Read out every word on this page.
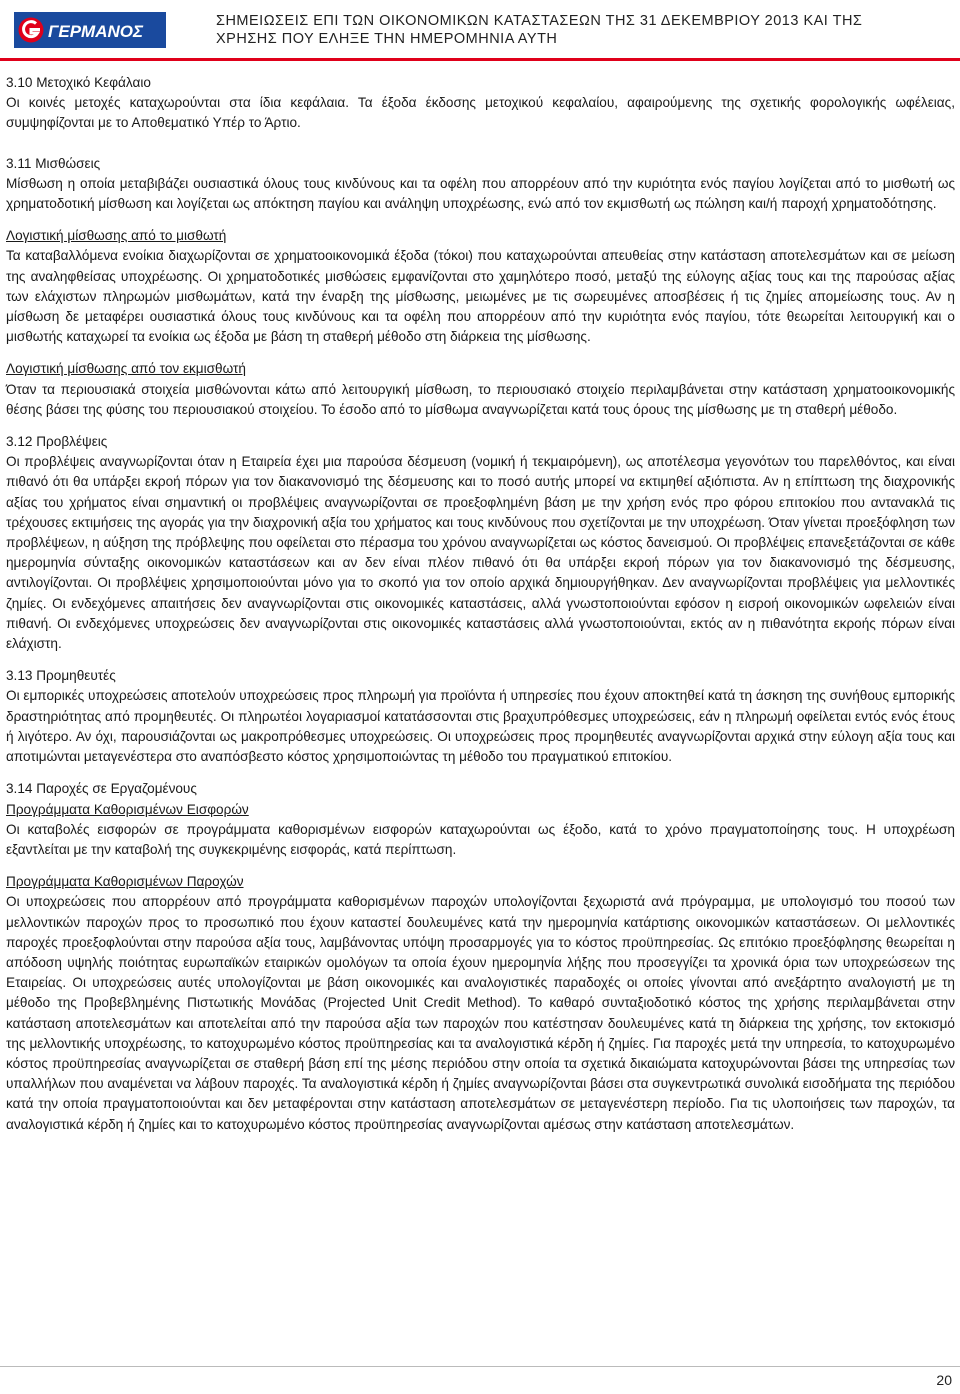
ΓΕΡΜΑΝΟΣ
ΣΗΜΕΙΩΣΕΙΣ ΕΠΙ ΤΩΝ ΟΙΚΟΝΟΜΙΚΩΝ ΚΑΤΑΣΤΑΣΕΩΝ ΤΗΣ 31 ΔΕΚΕΜΒΡΙΟΥ 2013 ΚΑΙ ΤΗΣ
ΧΡΗΣΗΣ ΠΟΥ ΕΛΗΞΕ ΤΗΝ ΗΜΕΡΟΜΗΝΙΑ ΑΥΤΗ
3.10 Μετοχικό Κεφάλαιο

Οι κοινές μετοχές καταχωρούνται στα ίδια κεφάλαια. Τα έξοδα έκδοσης μετοχικού κεφαλαίου, αφαιρούμενης της σχετικής φορολογικής ωφέλειας, συμψηφίζονται με το Αποθεματικό Υπέρ το Άρτιο.

3.11 Μισθώσεις

Μίσθωση η οποία μεταβιβάζει ουσιαστικά όλους τους κινδύνους και τα οφέλη που απορρέουν από την κυριότητα ενός παγίου λογίζεται από το μισθωτή ως χρηματοδοτική μίσθωση και λογίζεται ως απόκτηση παγίου και ανάληψη υποχρέωσης, ενώ από τον εκμισθωτή ως πώληση και/ή παροχή χρηματοδότησης.

Λογιστική μίσθωσης από το μισθωτή

Τα καταβαλλόμενα ενοίκια διαχωρίζονται σε χρηματοοικονομικά έξοδα (τόκοι) που καταχωρούνται απευθείας στην κατάσταση αποτελεσμάτων και σε μείωση της αναληφθείσας υποχρέωσης. Οι χρηματοδοτικές μισθώσεις εμφανίζονται στο χαμηλότερο ποσό, μεταξύ της εύλογης αξίας τους και της παρούσας αξίας των ελάχιστων πληρωμών μισθωμάτων, κατά την έναρξη της μίσθωσης, μειωμένες με τις σωρευμένες αποσβέσεις ή τις ζημίες απομείωσης τους. Αν η μίσθωση δε μεταφέρει ουσιαστικά όλους τους κινδύνους και τα οφέλη που απορρέουν από την κυριότητα ενός παγίου, τότε θεωρείται λειτουργική και ο μισθωτής καταχωρεί τα ενοίκια ως έξοδα με βάση τη σταθερή μέθοδο στη διάρκεια της μίσθωσης.

Λογιστική μίσθωσης από τον εκμισθωτή

Όταν τα περιουσιακά στοιχεία μισθώνονται κάτω από λειτουργική μίσθωση, το περιουσιακό στοιχείο περιλαμβάνεται στην κατάσταση χρηματοοικονομικής θέσης βάσει της φύσης του περιουσιακού στοιχείου. Το έσοδο από το μίσθωμα αναγνωρίζεται κατά τους όρους της μίσθωσης με τη σταθερή μέθοδο.

3.12 Προβλέψεις

Οι προβλέψεις αναγνωρίζονται όταν η Εταιρεία έχει μια παρούσα δέσμευση (νομική ή τεκμαιρόμενη), ως αποτέλεσμα γεγονότων του παρελθόντος, και είναι πιθανό ότι θα υπάρξει εκροή πόρων για τον διακανονισμό της δέσμευσης και το ποσό αυτής μπορεί να εκτιμηθεί αξιόπιστα. Αν η επίπτωση της διαχρονικής αξίας του χρήματος είναι σημαντική οι προβλέψεις αναγνωρίζονται σε προεξοφλημένη βάση με την χρήση ενός προ φόρου επιτοκίου που αντανακλά τις τρέχουσες εκτιμήσεις της αγοράς για την διαχρονική αξία του χρήματος και τους κινδύνους που σχετίζονται με την υποχρέωση. Όταν γίνεται προεξόφληση των προβλέψεων, η αύξηση της πρόβλεψης που οφείλεται στο πέρασμα του χρόνου αναγνωρίζεται ως κόστος δανεισμού. Οι προβλέψεις επανεξετάζονται σε κάθε ημερομηνία σύνταξης οικονομικών καταστάσεων και αν δεν είναι πλέον πιθανό ότι θα υπάρξει εκροή πόρων για τον διακανονισμό της δέσμευσης, αντιλογίζονται. Οι προβλέψεις χρησιμοποιούνται μόνο για το σκοπό για τον οποίο αρχικά δημιουργήθηκαν. Δεν αναγνωρίζονται προβλέψεις για μελλοντικές ζημίες. Οι ενδεχόμενες απαιτήσεις δεν αναγνωρίζονται στις οικονομικές καταστάσεις, αλλά γνωστοποιούνται εφόσον η εισροή οικονομικών ωφελειών είναι πιθανή. Οι ενδεχόμενες υποχρεώσεις δεν αναγνωρίζονται στις οικονομικές καταστάσεις αλλά γνωστοποιούνται, εκτός αν η πιθανότητα εκροής πόρων είναι ελάχιστη.

3.13 Προμηθευτές

Οι εμπορικές υποχρεώσεις αποτελούν υποχρεώσεις προς πληρωμή για προϊόντα ή υπηρεσίες που έχουν αποκτηθεί κατά τη άσκηση της συνήθους εμπορικής δραστηριότητας από προμηθευτές. Οι πληρωτέοι λογαριασμοί κατατάσσονται στις βραχυπρόθεσμες υποχρεώσεις, εάν η πληρωμή οφείλεται εντός ενός έτους ή λιγότερο. Αν όχι, παρουσιάζονται ως μακροπρόθεσμες υποχρεώσεις. Οι υποχρεώσεις προς προμηθευτές αναγνωρίζονται αρχικά στην εύλογη αξία τους και αποτιμώνται μεταγενέστερα στο αναπόσβεστο κόστος χρησιμοποιώντας τη μέθοδο του πραγματικού επιτοκίου.

3.14 Παροχές σε Εργαζομένους
Προγράμματα Καθορισμένων Εισφορών

Οι καταβολές εισφορών σε προγράμματα καθορισμένων εισφορών καταχωρούνται ως έξοδο, κατά το χρόνο πραγματοποίησης τους. Η υποχρέωση εξαντλείται με την καταβολή της συγκεκριμένης εισφοράς, κατά περίπτωση.

Προγράμματα Καθορισμένων Παροχών

Οι υποχρεώσεις που απορρέουν από προγράμματα καθορισμένων παροχών υπολογίζονται ξεχωριστά ανά πρόγραμμα, με υπολογισμό του ποσού των μελλοντικών παροχών προς το προσωπικό που έχουν καταστεί δουλευμένες κατά την ημερομηνία κατάρτισης οικονομικών καταστάσεων. Οι μελλοντικές παροχές προεξοφλούνται στην παρούσα αξία τους, λαμβάνοντας υπόψη προσαρμογές για το κόστος προϋπηρεσίας. Ως επιτόκιο προεξόφλησης θεωρείται η απόδοση υψηλής ποιότητας ευρωπαϊκών εταιρικών ομολόγων τα οποία έχουν ημερομηνία λήξης που προσεγγίζει τα χρονικά όρια των υποχρεώσεων της Εταιρείας. Οι υποχρεώσεις αυτές υπολογίζονται με βάση οικονομικές και αναλογιστικές παραδοχές οι οποίες γίνονται από ανεξάρτητο αναλογιστή με τη μέθοδο της Προβεβλημένης Πιστωτικής Μονάδας (Projected Unit Credit Method). Το καθαρό συνταξιοδοτικό κόστος της χρήσης περιλαμβάνεται στην κατάσταση αποτελεσμάτων και αποτελείται από την παρούσα αξία των παροχών που κατέστησαν δουλευμένες κατά τη διάρκεια της χρήσης, τον εκτοκισμό της μελλοντικής υποχρέωσης, το κατοχυρωμένο κόστος προϋπηρεσίας και τα αναλογιστικά κέρδη ή ζημίες. Για παροχές μετά την υπηρεσία, το κατοχυρωμένο κόστος προϋπηρεσίας αναγνωρίζεται σε σταθερή βάση επί της μέσης περιόδου στην οποία τα σχετικά δικαιώματα κατοχυρώνονται βάσει της υπηρεσίας των υπαλλήλων που αναμένεται να λάβουν παροχές. Τα αναλογιστικά κέρδη ή ζημίες αναγνωρίζονται βάσει στα συγκεντρωτικά συνολικά εισοδήματα της περιόδου κατά την οποία πραγματοποιούνται και δεν μεταφέρονται στην κατάσταση αποτελεσμάτων σε μεταγενέστερη περίοδο. Για τις υλοποιήσεις των παροχών, τα αναλογιστικά κέρδη ή ζημίες και το κατοχυρωμένο κόστος προϋπηρεσίας αναγνωρίζονται αμέσως στην κατάσταση αποτελεσμάτων.

20
